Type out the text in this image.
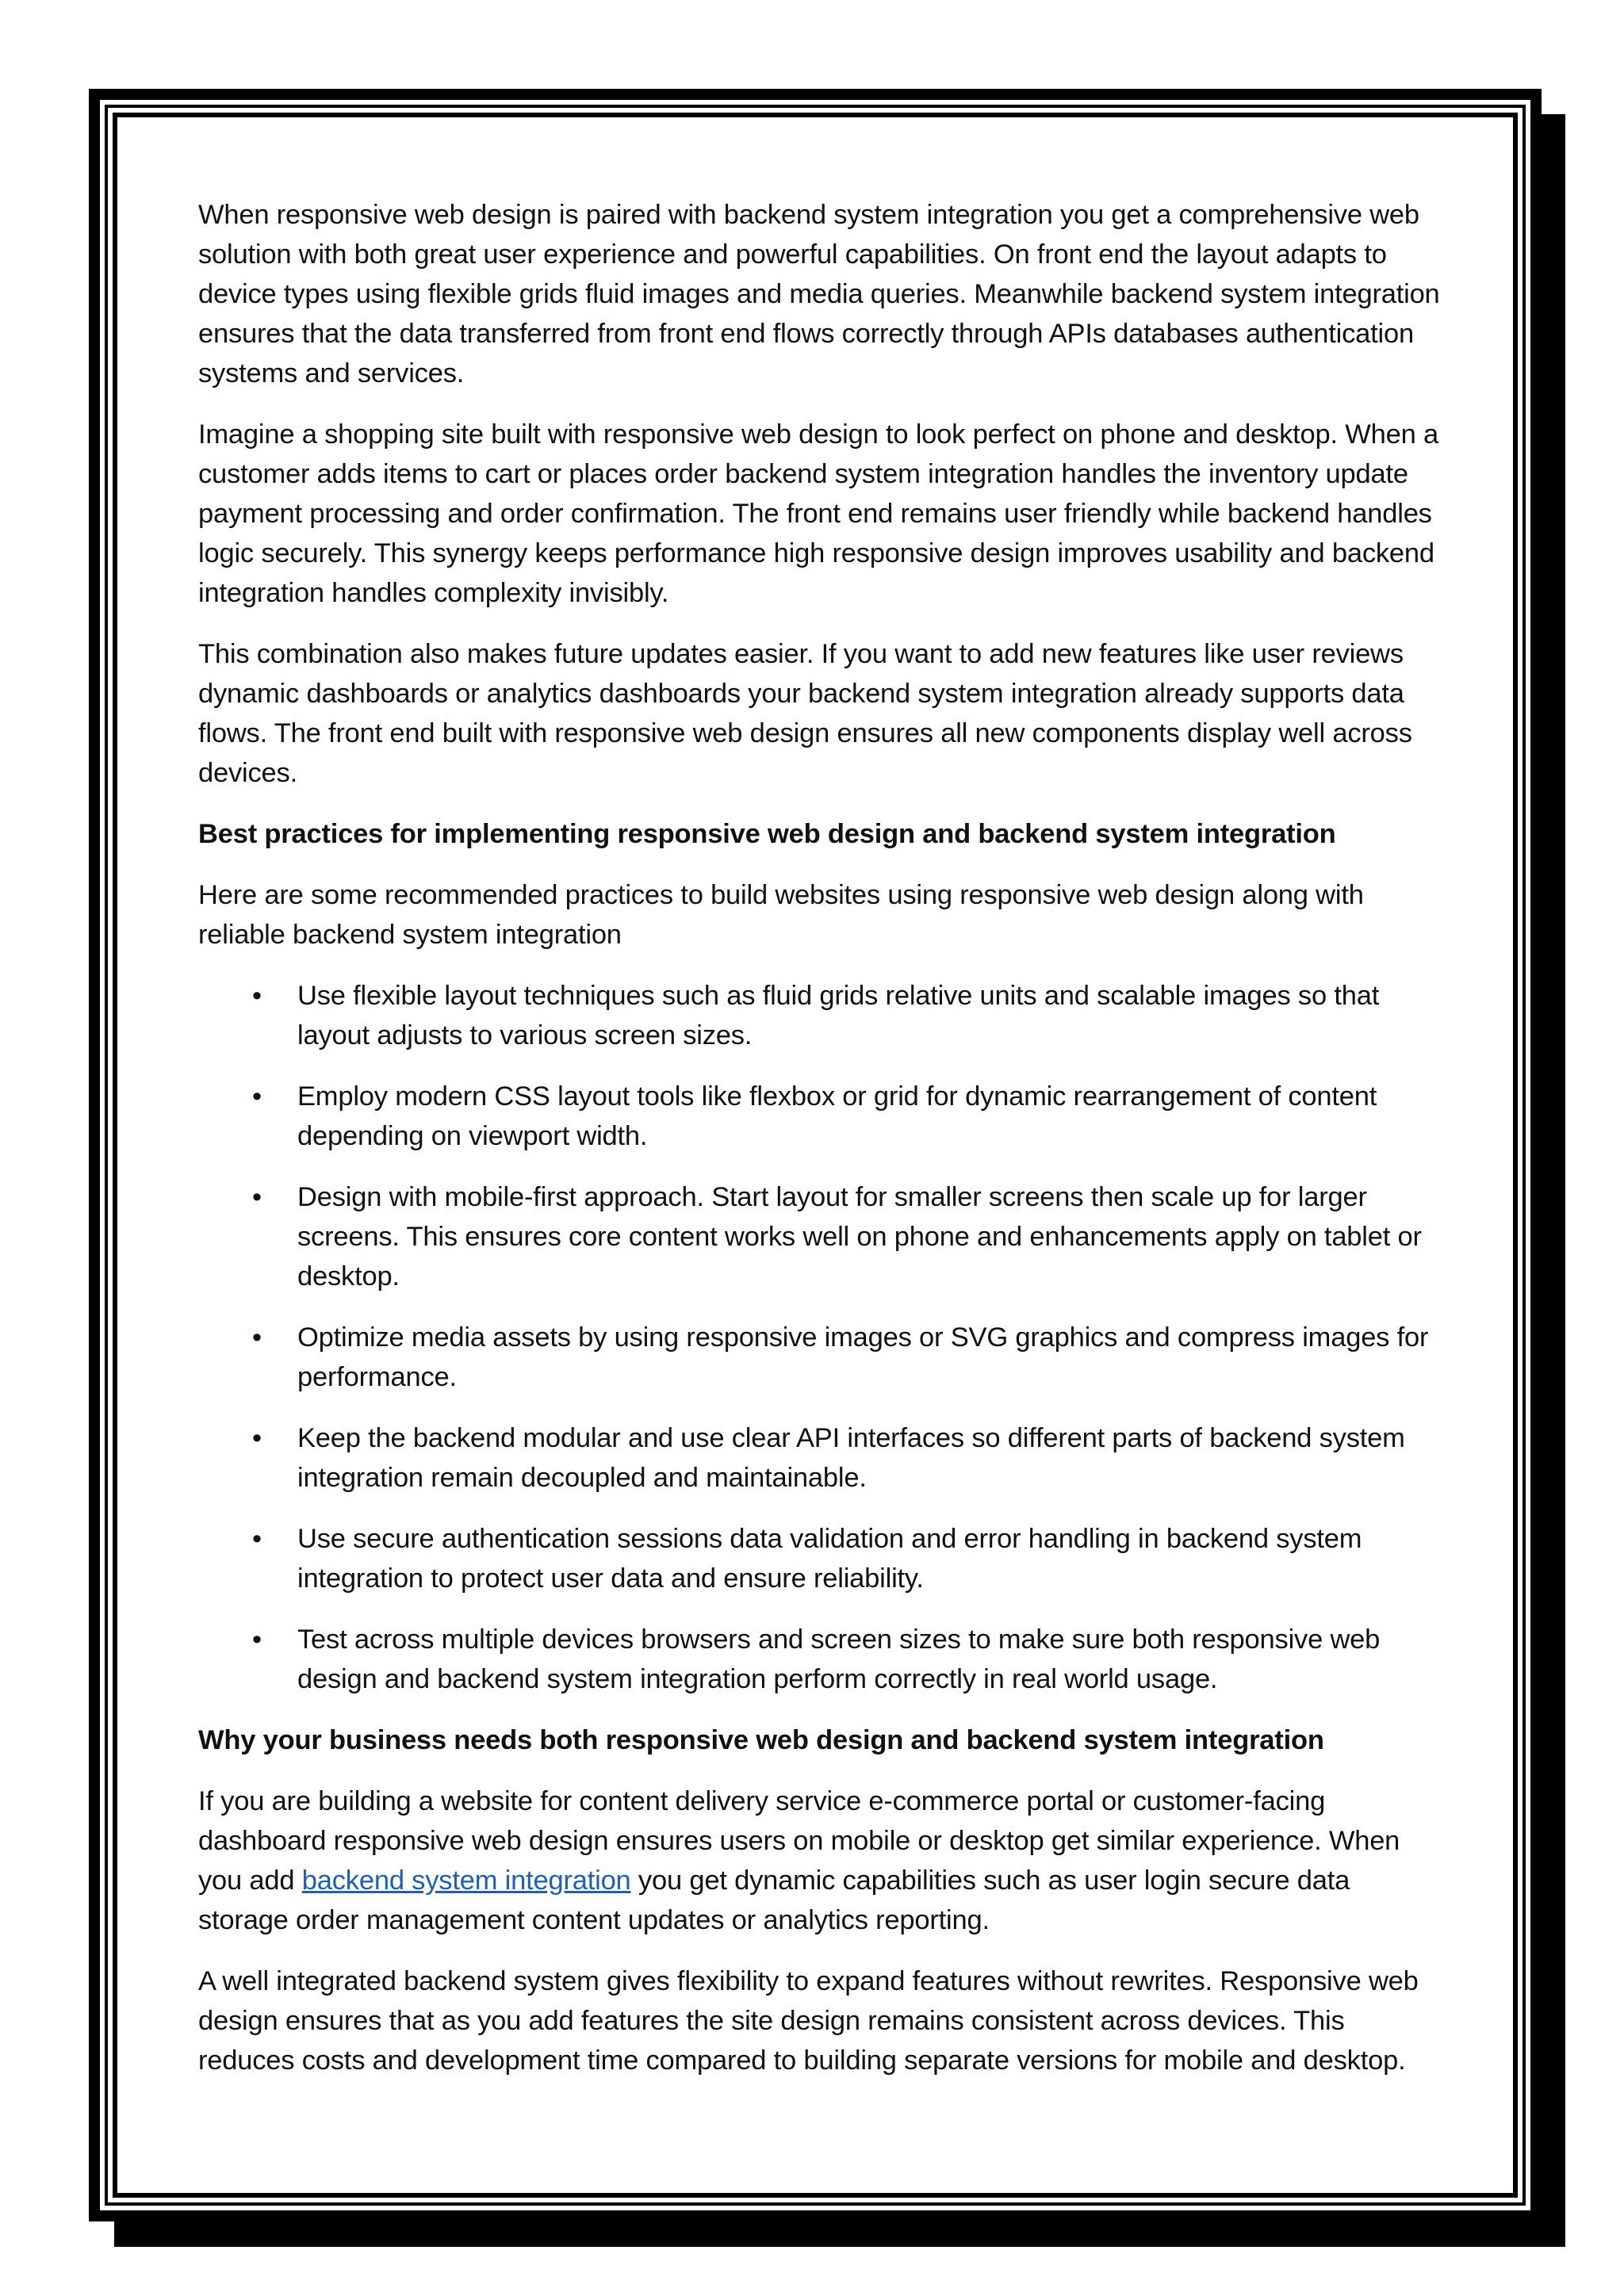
When responsive web design is paired with backend system integration you get a comprehensive web solution with both great user experience and powerful capabilities. On front end the layout adapts to device types using flexible grids fluid images and media queries. Meanwhile backend system integration ensures that the data transferred from front end flows correctly through APIs databases authentication systems and services.

Imagine a shopping site built with responsive web design to look perfect on phone and desktop. When a customer adds items to cart or places order backend system integration handles the inventory update payment processing and order confirmation. The front end remains user friendly while backend handles logic securely. This synergy keeps performance high responsive design improves usability and backend integration handles complexity invisibly.

This combination also makes future updates easier. If you want to add new features like user reviews dynamic dashboards or analytics dashboards your backend system integration already supports data flows. The front end built with responsive web design ensures all new components display well across devices.

Best practices for implementing responsive web design and backend system integration

Here are some recommended practices to build websites using responsive web design along with reliable backend system integration

• Use flexible layout techniques such as fluid grids relative units and scalable images so that layout adjusts to various screen sizes.
• Employ modern CSS layout tools like flexbox or grid for dynamic rearrangement of content depending on viewport width.
• Design with mobile-first approach. Start layout for smaller screens then scale up for larger screens. This ensures core content works well on phone and enhancements apply on tablet or desktop.
• Optimize media assets by using responsive images or SVG graphics and compress images for performance.
• Keep the backend modular and use clear API interfaces so different parts of backend system integration remain decoupled and maintainable.
• Use secure authentication sessions data validation and error handling in backend system integration to protect user data and ensure reliability.
• Test across multiple devices browsers and screen sizes to make sure both responsive web design and backend system integration perform correctly in real world usage.

Why your business needs both responsive web design and backend system integration

If you are building a website for content delivery service e-commerce portal or customer-facing dashboard responsive web design ensures users on mobile or desktop get similar experience. When you add backend system integration you get dynamic capabilities such as user login secure data storage order management content updates or analytics reporting.

A well integrated backend system gives flexibility to expand features without rewrites. Responsive web design ensures that as you add features the site design remains consistent across devices. This reduces costs and development time compared to building separate versions for mobile and desktop.
